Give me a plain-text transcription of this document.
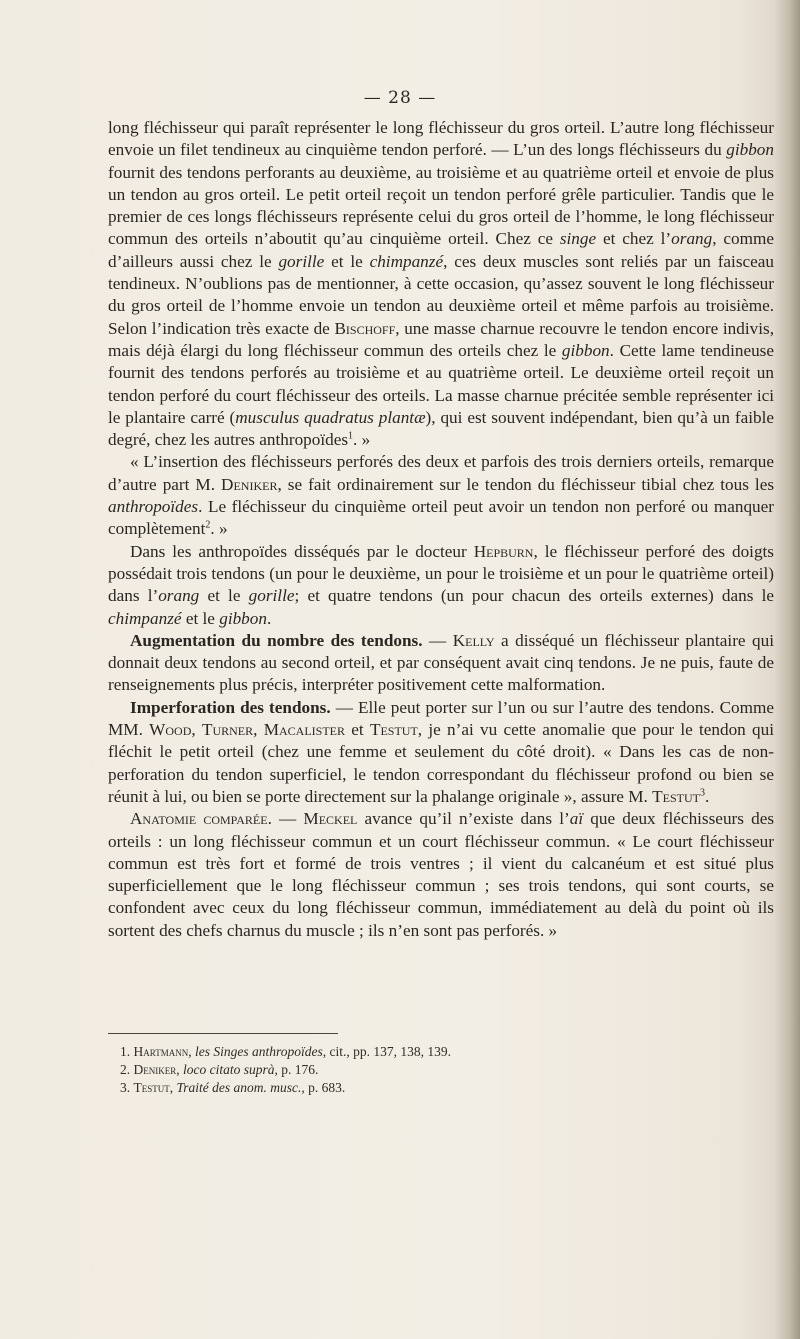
— 28 —

long fléchisseur qui paraît représenter le long fléchisseur du gros orteil. L’autre long fléchisseur envoie un filet tendineux au cinquième tendon perforé. — L’un des longs fléchisseurs du gibbon fournit des tendons perforants au deuxième, au troisième et au quatrième orteil et envoie de plus un tendon au gros orteil. Le petit orteil reçoit un tendon perforé grêle particulier. Tandis que le premier de ces longs fléchisseurs représente celui du gros orteil de l’homme, le long fléchisseur commun des orteils n’aboutit qu’au cinquième orteil. Chez ce singe et chez l’orang, comme d’ailleurs aussi chez le gorille et le chimpanzé, ces deux muscles sont reliés par un faisceau tendineux. N’oublions pas de mentionner, à cette occasion, qu’assez souvent le long fléchisseur du gros orteil de l’homme envoie un tendon au deuxième orteil et même parfois au troisième. Selon l’indication très exacte de Bischoff, une masse charnue recouvre le tendon encore indivis, mais déjà élargi du long fléchisseur commun des orteils chez le gibbon. Cette lame tendineuse fournit des tendons perforés au troisième et au quatrième orteil. Le deuxième orteil reçoit un tendon perforé du court fléchisseur des orteils. La masse charnue précitée semble représenter ici le plantaire carré (musculus quadratus plantæ), qui est souvent indépendant, bien qu’à un faible degré, chez les autres anthropoïdes$^1$. »

« L’insertion des fléchisseurs perforés des deux et parfois des trois derniers orteils, remarque d’autre part M. Deniker, se fait ordinairement sur le tendon du fléchisseur tibial chez tous les anthropoïdes. Le fléchisseur du cinquième orteil peut avoir un tendon non perforé ou manquer complètement$^2$. »

Dans les anthropoïdes disséqués par le docteur Hepburn, le fléchisseur perforé des doigts possédait trois tendons (un pour le deuxième, un pour le troisième et un pour le quatrième orteil) dans l’orang et le gorille; et quatre tendons (un pour chacun des orteils externes) dans le chimpanzé et le gibbon.

Augmentation du nombre des tendons. — Kelly a disséqué un fléchisseur plantaire qui donnait deux tendons au second orteil, et par conséquent avait cinq tendons. Je ne puis, faute de renseignements plus précis, interpréter positivement cette malformation.

Imperforation des tendons. — Elle peut porter sur l’un ou sur l’autre des tendons. Comme MM. Wood, Turner, Macalister et Testut, je n’ai vu cette anomalie que pour le tendon qui fléchit le petit orteil (chez une femme et seulement du côté droit). « Dans les cas de non-perforation du tendon superficiel, le tendon correspondant du fléchisseur profond ou bien se réunit à lui, ou bien se porte directement sur la phalange originale », assure M. Testut$^3$.

Anatomie comparée. — Meckel avance qu’il n’existe dans l’aï que deux fléchisseurs des orteils : un long fléchisseur commun et un court fléchisseur commun. « Le court fléchisseur commun est très fort et formé de trois ventres ; il vient du calcanéum et est situé plus superficiellement que le long fléchisseur commun ; ses trois tendons, qui sont courts, se confondent avec ceux du long fléchisseur commun, immédiatement au delà du point où ils sortent des chefs charnus du muscle ; ils n’en sont pas perforés. »

1. Hartmann, les Singes anthropoïdes, cit., pp. 137, 138, 139.
2. Deniker, loco citato suprà, p. 176.
3. Testut, Traité des anom. musc., p. 683.
